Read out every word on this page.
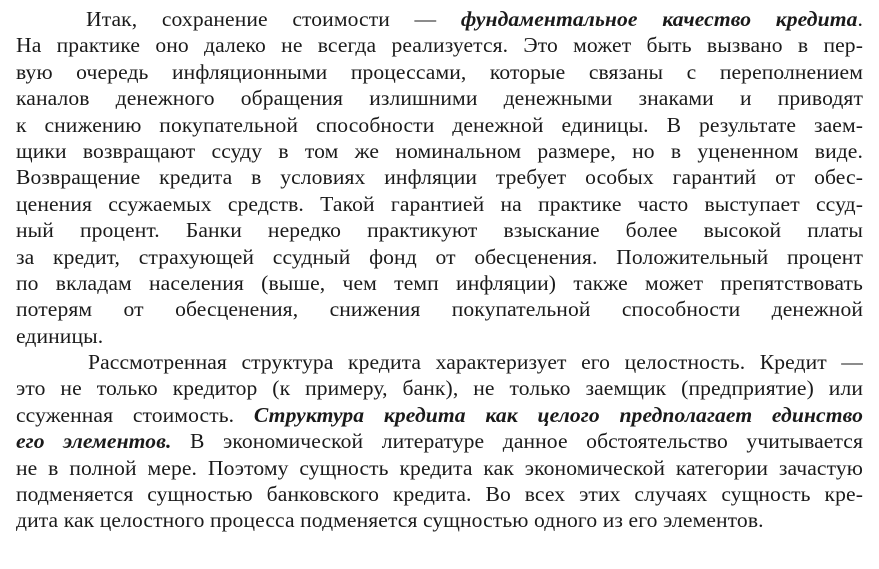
Итак, сохранение стоимости — фундаментальное качество кредита.
На практике оно далеко не всегда реализуется. Это может быть вызвано в пер-
вую очередь инфляционными процессами, которые связаны с переполнением
каналов денежного обращения излишними денежными знаками и приводят
к снижению покупательной способности денежной единицы. В результате заем-
щики возвращают ссуду в том же номинальном размере, но в уцененном виде.
Возвращение кредита в условиях инфляции требует особых гарантий от обес-
ценения ссужаемых средств. Такой гарантией на практике часто выступает ссуд-
ный процент. Банки нередко практикуют взыскание более высокой платы
за кредит, страхующей ссудный фонд от обесценения. Положительный процент
по вкладам населения (выше, чем темп инфляции) также может препятствовать
потерям от обесценения, снижения покупательной способности денежной
единицы.
Рассмотренная структура кредита характеризует его целостность. Кредит —
это не только кредитор (к примеру, банк), не только заемщик (предприятие) или
ссуженная стоимость. Структура кредита как целого предполагает единство
его элементов. В экономической литературе данное обстоятельство учитывается
не в полной мере. Поэтому сущность кредита как экономической категории зачастую
подменяется сущностью банковского кредита. Во всех этих случаях сущность кре-
дита как целостного процесса подменяется сущностью одного из его элементов.
